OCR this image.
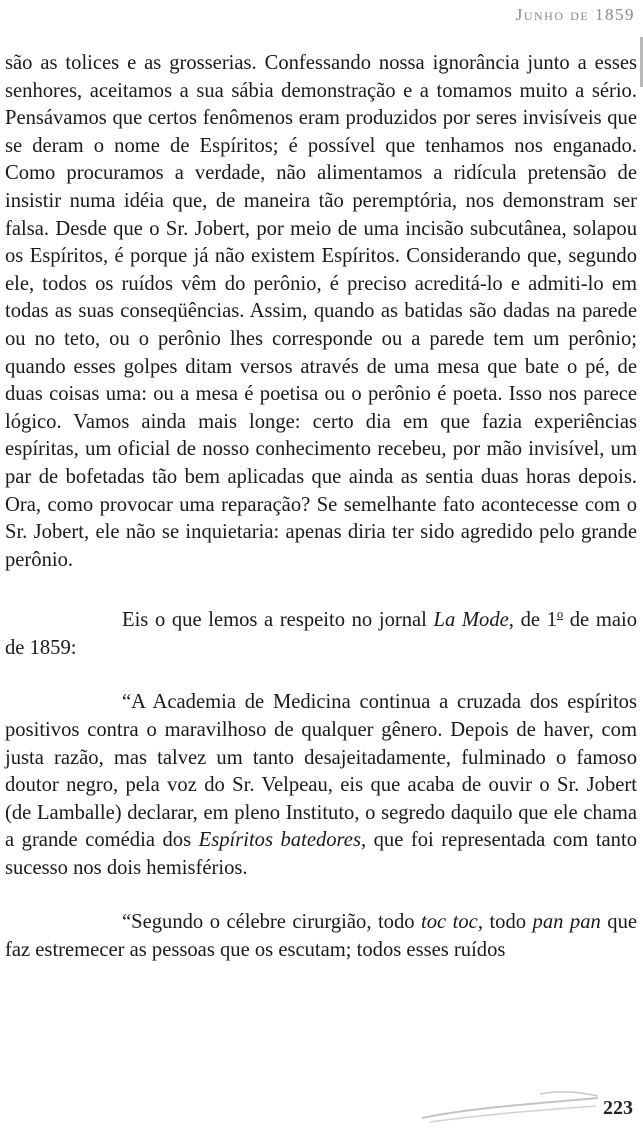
Junho de 1859

são as tolices e as grosserias. Confessando nossa ignorância junto a esses senhores, aceitamos a sua sábia demonstração e a tomamos muito a sério. Pensávamos que certos fenômenos eram produzidos por seres invisíveis que se deram o nome de Espíritos; é possível que tenhamos nos enganado. Como procuramos a verdade, não alimentamos a ridícula pretensão de insistir numa idéia que, de maneira tão peremptória, nos demonstram ser falsa. Desde que o Sr. Jobert, por meio de uma incisão subcutânea, solapou os Espíritos, é porque já não existem Espíritos. Considerando que, segundo ele, todos os ruídos vêm do perônio, é preciso acreditá-lo e admiti-lo em todas as suas conseqüências. Assim, quando as batidas são dadas na parede ou no teto, ou o perônio lhes corresponde ou a parede tem um perônio; quando esses golpes ditam versos através de uma mesa que bate o pé, de duas coisas uma: ou a mesa é poetisa ou o perônio é poeta. Isso nos parece lógico. Vamos ainda mais longe: certo dia em que fazia experiências espíritas, um oficial de nosso conhecimento recebeu, por mão invisível, um par de bofetadas tão bem aplicadas que ainda as sentia duas horas depois. Ora, como provocar uma reparação? Se semelhante fato acontecesse com o Sr. Jobert, ele não se inquietaria: apenas diria ter sido agredido pelo grande perônio.

Eis o que lemos a respeito no jornal La Mode, de 1$^o$ de maio de 1859:

“A Academia de Medicina continua a cruzada dos espíritos positivos contra o maravilhoso de qualquer gênero. Depois de haver, com justa razão, mas talvez um tanto desajeitadamente, fulminado o famoso doutor negro, pela voz do Sr. Velpeau, eis que acaba de ouvir o Sr. Jobert (de Lamballe) declarar, em pleno Instituto, o segredo daquilo que ele chama a grande comédia dos Espíritos batedores, que foi representada com tanto sucesso nos dois hemisférios.

“Segundo o célebre cirurgião, todo toc toc, todo pan pan que faz estremecer as pessoas que os escutam; todos esses ruídos

223
